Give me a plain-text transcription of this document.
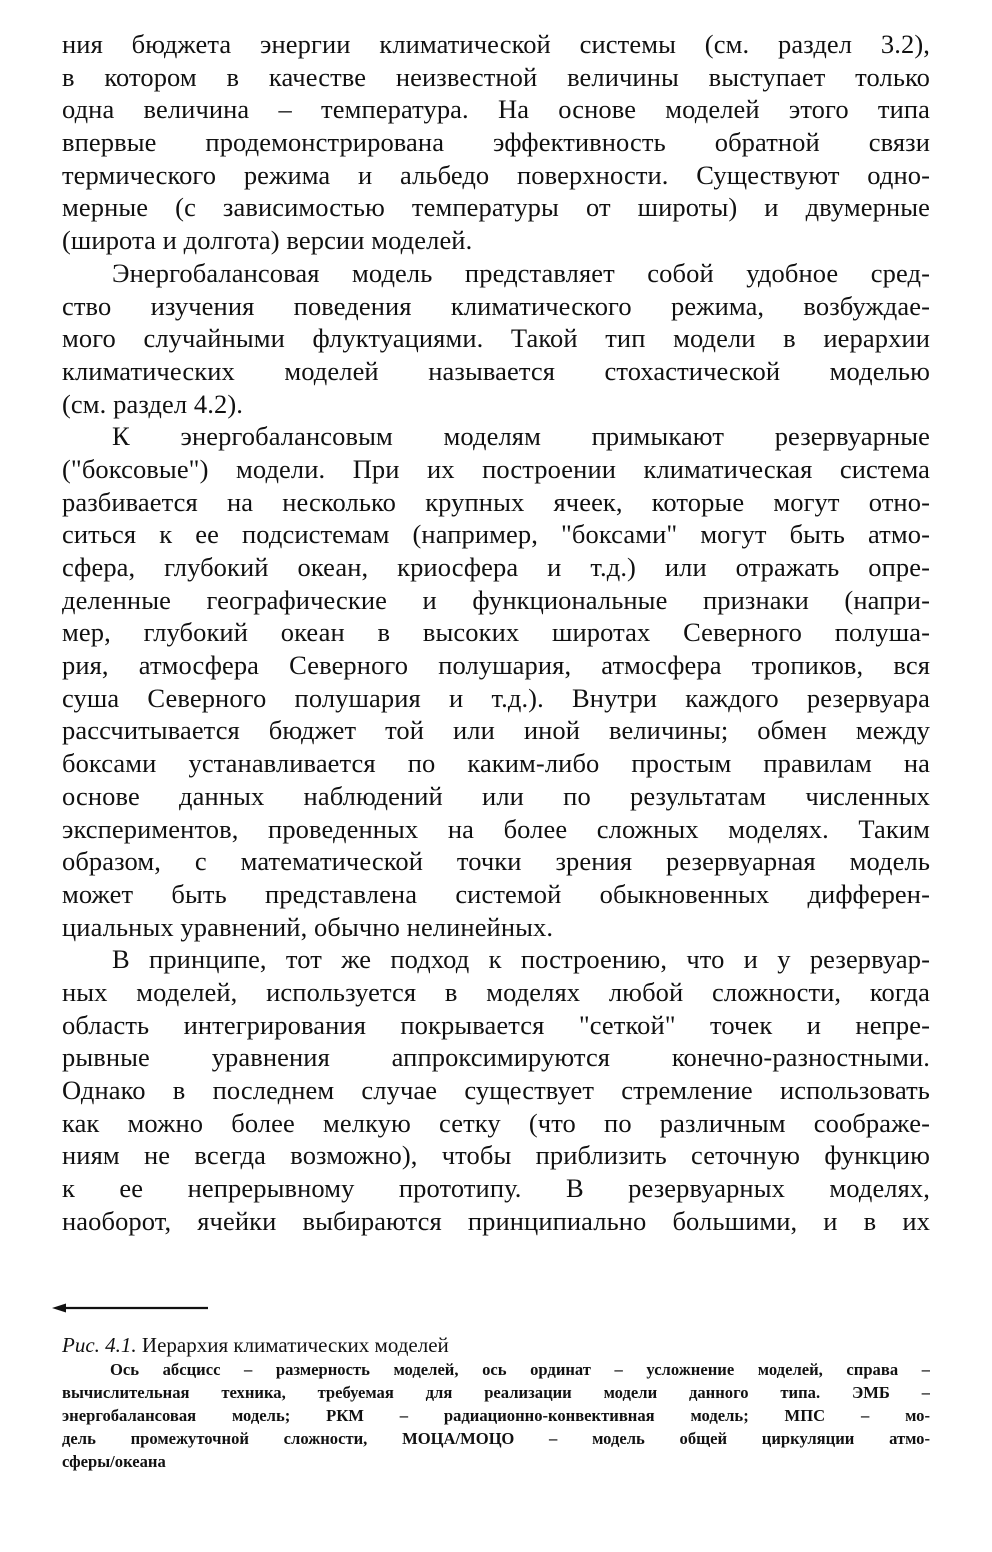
ния бюджета энергии климатической системы (см. раздел 3.2),
в котором в качестве неизвестной величины выступает только
одна величина – температура. На основе моделей этого типа
впервые продемонстрирована эффективность обратной связи
термического режима и альбедо поверхности. Существуют одно-
мерные (с зависимостью температуры от широты) и двумерные
(широта и долгота) версии моделей.
Энергобалансовая модель представляет собой удобное сред-
ство изучения поведения климатического режима, возбуждае-
мого случайными флуктуациями. Такой тип модели в иерархии
климатических моделей называется стохастической моделью
(см. раздел 4.2).
К энергобалансовым моделям примыкают резервуарные
("боксовые") модели. При их построении климатическая система
разбивается на несколько крупных ячеек, которые могут отно-
ситься к ее подсистемам (например, "боксами" могут быть атмо-
сфера, глубокий океан, криосфера и т.д.) или отражать опре-
деленные географические и функциональные признаки (напри-
мер, глубокий океан в высоких широтах Северного полуша-
рия, атмосфера Северного полушария, атмосфера тропиков, вся
суша Северного полушария и т.д.). Внутри каждого резервуара
рассчитывается бюджет той или иной величины; обмен между
боксами устанавливается по каким-либо простым правилам на
основе данных наблюдений или по результатам численных
экспериментов, проведенных на более сложных моделях. Таким
образом, с математической точки зрения резервуарная модель
может быть представлена системой обыкновенных дифферен-
циальных уравнений, обычно нелинейных.
В принципе, тот же подход к построению, что и у резервуар-
ных моделей, используется в моделях любой сложности, когда
область интегрирования покрывается "сеткой" точек и непре-
рывные уравнения аппроксимируются конечно-разностными.
Однако в последнем случае существует стремление использовать
как можно более мелкую сетку (что по различным соображе-
ниям не всегда возможно), чтобы приблизить сеточную функцию
к ее непрерывному прототипу. В резервуарных моделях,
наоборот, ячейки выбираются принципиально большими, и в их
Рис. 4.1. Иерархия климатических моделей
Ось абсцисс – размерность моделей, ось ординат – усложнение моделей, справа –
вычислительная техника, требуемая для реализации модели данного типа. ЭМБ –
энергобалансовая модель; РКМ – радиационно-конвективная модель; МПС – мо-
дель промежуточной сложности, МОЦА/МОЦО – модель общей циркуляции атмо-
сферы/океана
